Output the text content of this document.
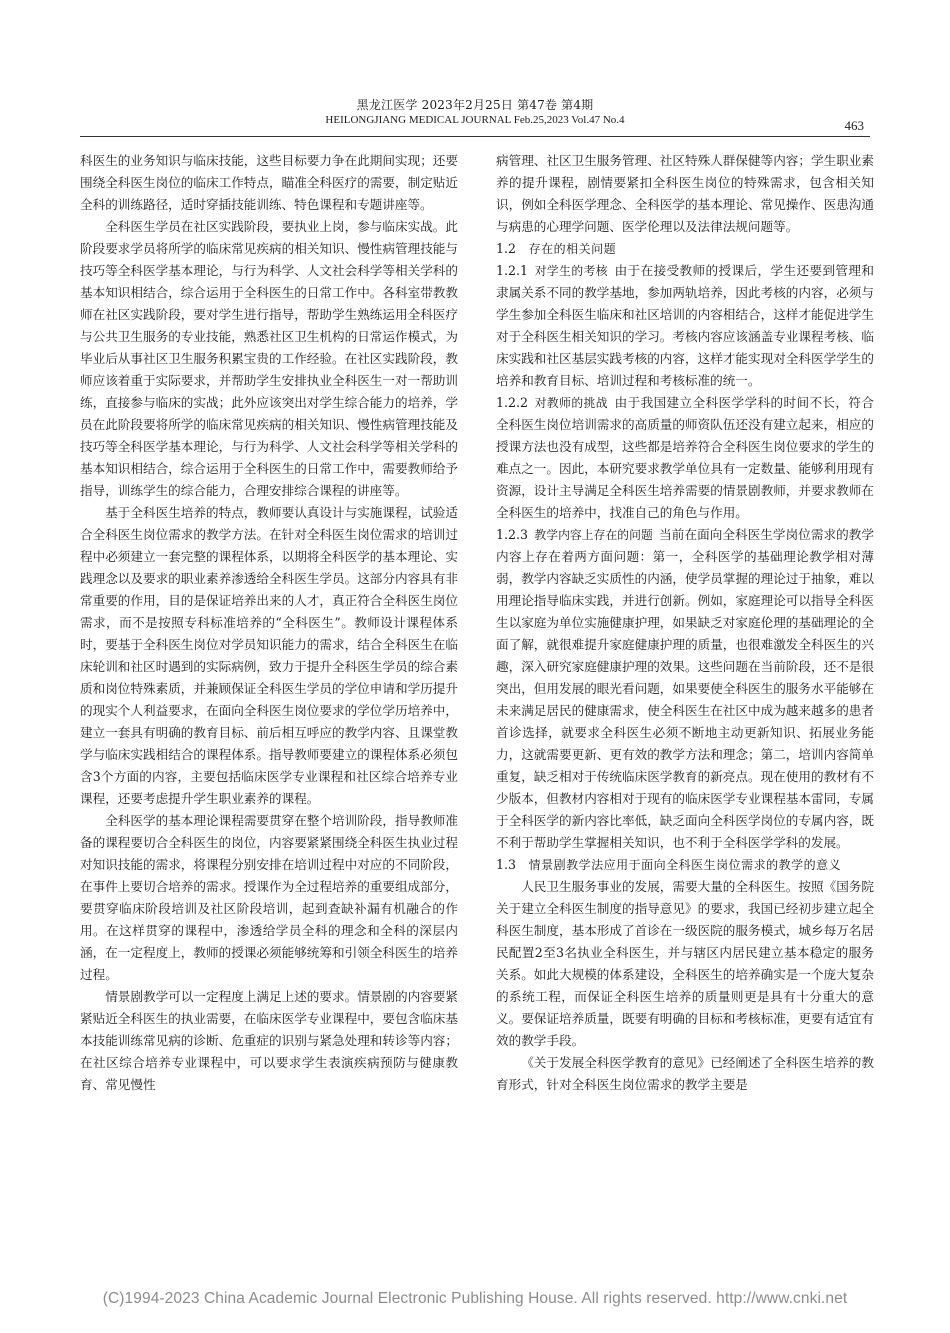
黑龙江医学 2023年2月25日 第47卷 第4期
HEILONGJIANG MEDICAL JOURNAL Feb.25,2023 Vol.47 No.4	463

科医生的业务知识与临床技能，这些目标要力争在此期间实现；还要围绕全科医生岗位的临床工作特点，瞄准全科医疗的需要，制定贴近全科的训练路径，适时穿插技能训练、特色课程和专题讲座等。

全科医生学员在社区实践阶段，要执业上岗，参与临床实战。此阶段要求学员将所学的临床常见疾病的相关知识、慢性病管理技能与技巧等全科医学基本理论，与行为科学、人文社会科学等相关学科的基本知识相结合，综合运用于全科医生的日常工作中。各科室带教教师在社区实践阶段，要对学生进行指导，帮助学生熟练运用全科医疗与公共卫生服务的专业技能，熟悉社区卫生机构的日常运作模式，为毕业后从事社区卫生服务积累宝贵的工作经验。在社区实践阶段，教师应该着重于实际要求，并帮助学生安排执业全科医生一对一帮助训练，直接参与临床的实战；此外应该突出对学生综合能力的培养，学员在此阶段要将所学的临床常见疾病的相关知识、慢性病管理技能及技巧等全科医学基本理论，与行为科学、人文社会科学等相关学科的基本知识相结合，综合运用于全科医生的日常工作中，需要教师给予指导，训练学生的综合能力，合理安排综合课程的讲座等。

基于全科医生培养的特点，教师要认真设计与实施课程，试验适合全科医生岗位需求的教学方法。在针对全科医生岗位需求的培训过程中必须建立一套完整的课程体系，以期将全科医学的基本理论、实践理念以及要求的职业素养渗透给全科医生学员。这部分内容具有非常重要的作用，目的是保证培养出来的人才，真正符合全科医生岗位需求，而不是按照专科标准培养的“全科医生”。教师设计课程体系时，要基于全科医生岗位对学员知识能力的需求，结合全科医生在临床轮训和社区时遇到的实际病例，致力于提升全科医生学员的综合素质和岗位特殊素质，并兼顾保证全科医生学员的学位申请和学历提升的现实个人利益要求，在面向全科医生岗位要求的学位学历培养中，建立一套具有明确的教育目标、前后相互呼应的教学内容、且课堂教学与临床实践相结合的课程体系。指导教师要建立的课程体系必须包含3个方面的内容，主要包括临床医学专业课程和社区综合培养专业课程，还要考虑提升学生职业素养的课程。

全科医学的基本理论课程需要贯穿在整个培训阶段，指导教师准备的课程要切合全科医生的岗位，内容要紧紧围绕全科医生执业过程对知识技能的需求，将课程分别安排在培训过程中对应的不同阶段，在事件上要切合培养的需求。授课作为全过程培养的重要组成部分，要贯穿临床阶段培训及社区阶段培训，起到查缺补漏有机融合的作用。在这样贯穿的课程中，渗透给学员全科的理念和全科的深层内涵，在一定程度上，教师的授课必须能够统筹和引领全科医生的培养过程。

情景剧教学可以一定程度上满足上述的要求。情景剧的内容要紧紧贴近全科医生的执业需要，在临床医学专业课程中，要包含临床基本技能训练常见病的诊断、危重症的识别与紧急处理和转诊等内容；在社区综合培养专业课程中，可以要求学生表演疾病预防与健康教育、常见慢性

病管理、社区卫生服务管理、社区特殊人群保健等内容；学生职业素养的提升课程，剧情要紧扣全科医生岗位的特殊需求，包含相关知识，例如全科医学理念、全科医学的基本理论、常见操作、医患沟通与病患的心理学问题、医学伦理以及法律法规问题等。

1.2  存在的相关问题

1.2.1  对学生的考核  由于在接受教师的授课后，学生还要到管理和隶属关系不同的教学基地，参加两轨培养，因此考核的内容，必须与学生参加全科医生临床和社区培训的内容相结合，这样才能促进学生对于全科医生相关知识的学习。考核内容应该涵盖专业课程考核、临床实践和社区基层实践考核的内容，这样才能实现对全科医学学生的培养和教育目标、培训过程和考核标准的统一。

1.2.2  对教师的挑战  由于我国建立全科医学学科的时间不长，符合全科医生岗位培训需求的高质量的师资队伍还没有建立起来，相应的授课方法也没有成型，这些都是培养符合全科医生岗位要求的学生的难点之一。因此，本研究要求教学单位具有一定数量、能够利用现有资源，设计主导满足全科医生培养需要的情景剧教师，并要求教师在全科医生的培养中，找准自己的角色与作用。

1.2.3  教学内容上存在的问题  当前在面向全科医生学岗位需求的教学内容上存在着两方面问题：第一，全科医学的基础理论教学相对薄弱，教学内容缺乏实质性的内涵，使学员掌握的理论过于抽象，难以用理论指导临床实践，并进行创新。例如，家庭理论可以指导全科医生以家庭为单位实施健康护理，如果缺乏对家庭伦理的基础理论的全面了解，就很难提升家庭健康护理的质量，也很难激发全科医生的兴趣，深入研究家庭健康护理的效果。这些问题在当前阶段，还不是很突出，但用发展的眼光看问题，如果要使全科医生的服务水平能够在未来满足居民的健康需求，使全科医生在社区中成为越来越多的患者首诊选择，就要求全科医生必须不断地主动更新知识、拓展业务能力，这就需要更新、更有效的教学方法和理念；第二，培训内容简单重复，缺乏相对于传统临床医学教育的新亮点。现在使用的教材有不少版本，但教材内容相对于现有的临床医学专业课程基本雷同，专属于全科医学的新内容比率低，缺乏面向全科医学岗位的专属内容，既不利于帮助学生掌握相关知识，也不利于全科医学学科的发展。

1.3  情景剧教学法应用于面向全科医生岗位需求的教学的意义

人民卫生服务事业的发展，需要大量的全科医生。按照《国务院关于建立全科医生制度的指导意见》的要求，我国已经初步建立起全科医生制度，基本形成了首诊在一级医院的服务模式，城乡每万名居民配置2至3名执业全科医生，并与辖区内居民建立基本稳定的服务关系。如此大规模的体系建设，全科医生的培养确实是一个庞大复杂的系统工程，而保证全科医生培养的质量则更是具有十分重大的意义。要保证培养质量，既要有明确的目标和考核标准，更要有适宜有效的教学手段。

《关于发展全科医学教育的意见》已经阐述了全科医生培养的教育形式，针对全科医生岗位需求的教学主要是

(C)1994-2023 China Academic Journal Electronic Publishing House. All rights reserved. http://www.cnki.net
